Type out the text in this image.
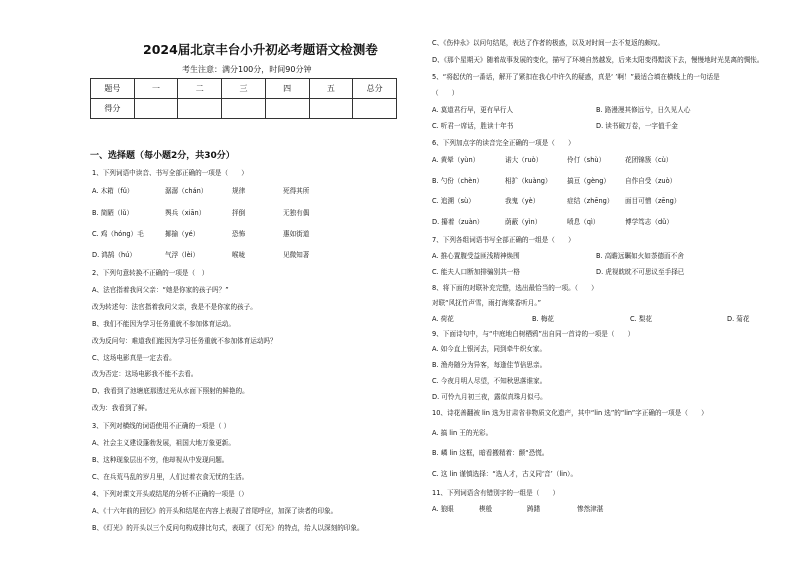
2024届北京丰台小升初必考题语文检测卷
考生注意：满分100分，时间90分钟
题号	一	二	三	四	五	总分
得分						
一、选择题（每小题2分，共30分）
1、下列词语中读音、书写全部正确的一项是（　　）
A. 木箱（fǔ）	潺潺（chán）	规律	死得其所
B. 简陋（lǔ）	舆兵（xiān）	抨倒	无独有偶
C. 鸡（hóng）毛	揶揄（yé）	恐怖	惠如街道
D. 鸿鹄（hú）	气浮（lèi）	喉咙	见微知著
2、下列句意转换不正确的一项是（　）
A、法官指着我问父亲：“她是你家的孩子吗？”
改为转述句：法官指着我问父亲，我是不是你家的孩子。
B、我们不能因为学习任务重就不参加体育运动。
改为反问句：难道我们能因为学习任务重就不参加体育运动吗？
C、这场电影真是一定去看。
改为否定：这场电影我不能不去看。
D、我看到了池塘底那透过光从水面下照射的鲜艳的。
改为：我看到了鲜。
3、下列对横线的词语使用不正确的一项是（ ）
A、社会主义建设蓬勃发展，祖国大地万象更新。
B、这种现象层出不穷，他却视从中发现问题。
C、在兵荒马乱的岁月里，人们过着衣食无忧的生活。
4、下列对课文开头或结尾的分析不正确的一项是（）
A、《十六年前的回忆》的开头和结尾在内容上表现了首尾呼应，加深了读者的印象。
B、《灯光》的开头以三个反问句构成排比句式，表现了《灯光》的特点，给人以深刻的印象。
C、《伤仲永》以问句结尾，表达了作者的极惑，以及对时间一去不复返的颇叹。
D、《那个星期天》随着故事发展的变化，描写了环境自然越发，后来太阳变得黯淡下去，慢慢地时光晃离的惆怅。
5、“将起伏的一番话，解开了紧扣在我心中许久的疑惑，真是‘ ’啊！”最适合填在横线上的一句话是
（　　）
A. 莫道君行早，更有早行人	B. 路漫漫其修远兮，日久见人心
C. 听君一席话，胜读十年书	D. 读书破万卷，一字值千金
6、下列加点字的读音完全正确的一项是（　　）
A. 黄晕（yùn）	诺大（ruò）	伶仃（shù）	花团锦簇（cù）
B. 勺份（chèn）	相扩（kuàng） 搞亘（gèng） 自作自受（zuò）
C. 追溯（sù）	我鬼（yè）	症结（zhēng） 面目可憎（zēng）
D. 攥着（zuàn）	荫蔽（yìn）	喷息（qì）	博学笃志（dǔ）
7、下列各组词语书写全部正确的一组是（　　）
A. 推心置腹受益匪浅精神焕围	B. 高瞻远瞩如火如荼德而不舍
C. 能夫人口断加排骗别共一格	D. 虎视眈眈不可思议至手择已
8、将下面的对联补充完整，选出最恰当的一项。（　　）
对联“风抚竹声雪，雨打海棠香听月。”
A. 荷花	B. 梅花	C. 梨花	D. 菊花
9、下面诗句中，与“中庭地白树栖鸦”出自同一首诗的一项是（　　）
A. 如今直上银河去，同到牵牛织女家。
B. 渔舟随分为异客，每逢佳节倍思亲。
C. 今夜月明人尽望，不知秋思落谁家。
D. 可怜九月初三夜，露似真珠月似弓。
10、诗花善翻被 lin 选为甘肃省非物质文化遗产，其中“lin 选”的“lin”字正确的一项是（　　）
A. 搞 lin 王的光彩。
B. 嶙 lin 这框，暗看搬精着：颤“恐慌。
C. 这 lin 谨慎选择：“选人才，古义同‘音’（lin）。
11、下列词语含有错别字的一组是（　　）
A. 狼眼	楔般	踌躇	惨然津湛
